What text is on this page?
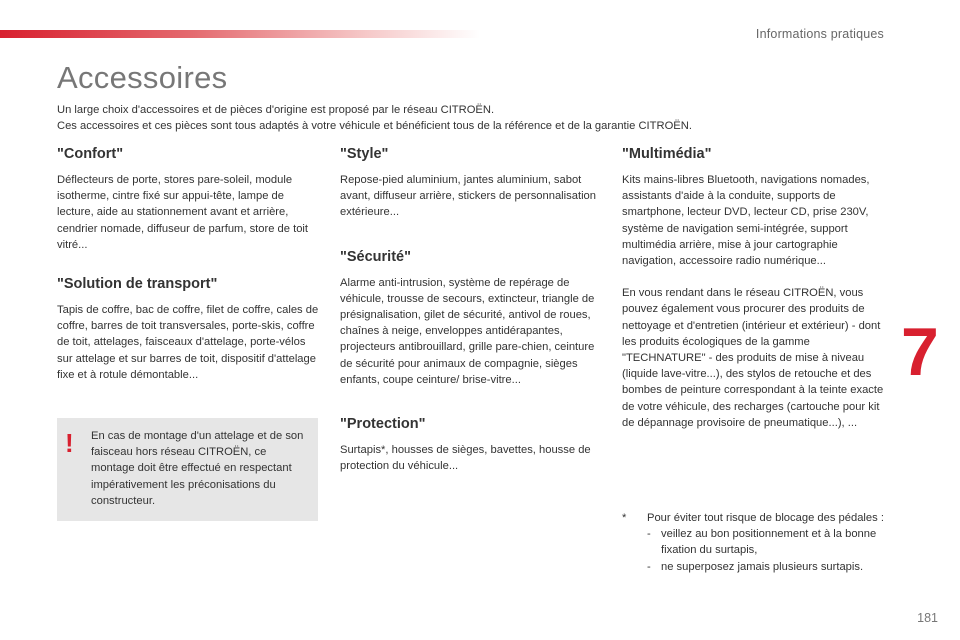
Informations pratiques
Accessoires

Un large choix d'accessoires et de pièces d'origine est proposé par le réseau CITROËN.

Ces accessoires et ces pièces sont tous adaptés à votre véhicule et bénéficient tous de la référence et de la garantie CITROËN.

"Confort"

Déflecteurs de porte, stores pare-soleil, module isotherme, cintre fixé sur appui-tête, lampe de lecture, aide au stationnement avant et arrière, cendrier nomade, diffuseur de parfum, store de toit vitré...

"Solution de transport"

Tapis de coffre, bac de coffre, filet de coffre, cales de coffre, barres de toit transversales, porte-skis, coffre de toit, attelages, faisceaux d'attelage, porte-vélos sur attelage et sur barres de toit, dispositif d'attelage fixe et à rotule démontable...

! En cas de montage d'un attelage et de son faisceau hors réseau CITROËN, ce montage doit être effectué en respectant impérativement les préconisations du constructeur.

"Style"

Repose-pied aluminium, jantes aluminium, sabot avant, diffuseur arrière, stickers de personnalisation extérieure...

"Sécurité"

Alarme anti-intrusion, système de repérage de véhicule, trousse de secours, extincteur, triangle de présignalisation, gilet de sécurité, antivol de roues, chaînes à neige, enveloppes antidérapantes, projecteurs antibrouillard, grille pare-chien, ceinture de sécurité pour animaux de compagnie, sièges enfants, coupe ceinture/ brise-vitre...

"Protection"

Surtapis*, housses de sièges, bavettes, housse de protection du véhicule...

"Multimédia"

Kits mains-libres Bluetooth, navigations nomades, assistants d'aide à la conduite, supports de smartphone, lecteur DVD, lecteur CD, prise 230V, système de navigation semi-intégrée, support multimédia arrière, mise à jour cartographie navigation, accessoire radio numérique...

En vous rendant dans le réseau CITROËN, vous pouvez également vous procurer des produits de nettoyage et d'entretien (intérieur et extérieur) - dont les produits écologiques de la gamme "TECHNATURE" - des produits de mise à niveau (liquide lave-vitre...), des stylos de retouche et des bombes de peinture correspondant à la teinte exacte de votre véhicule, des recharges (cartouche pour kit de dépannage provisoire de pneumatique...), ...

7
* Pour éviter tout risque de blocage des pédales :

- veillez au bon positionnement et à la bonne fixation du surtapis,
- ne superposez jamais plusieurs surtapis.
181
